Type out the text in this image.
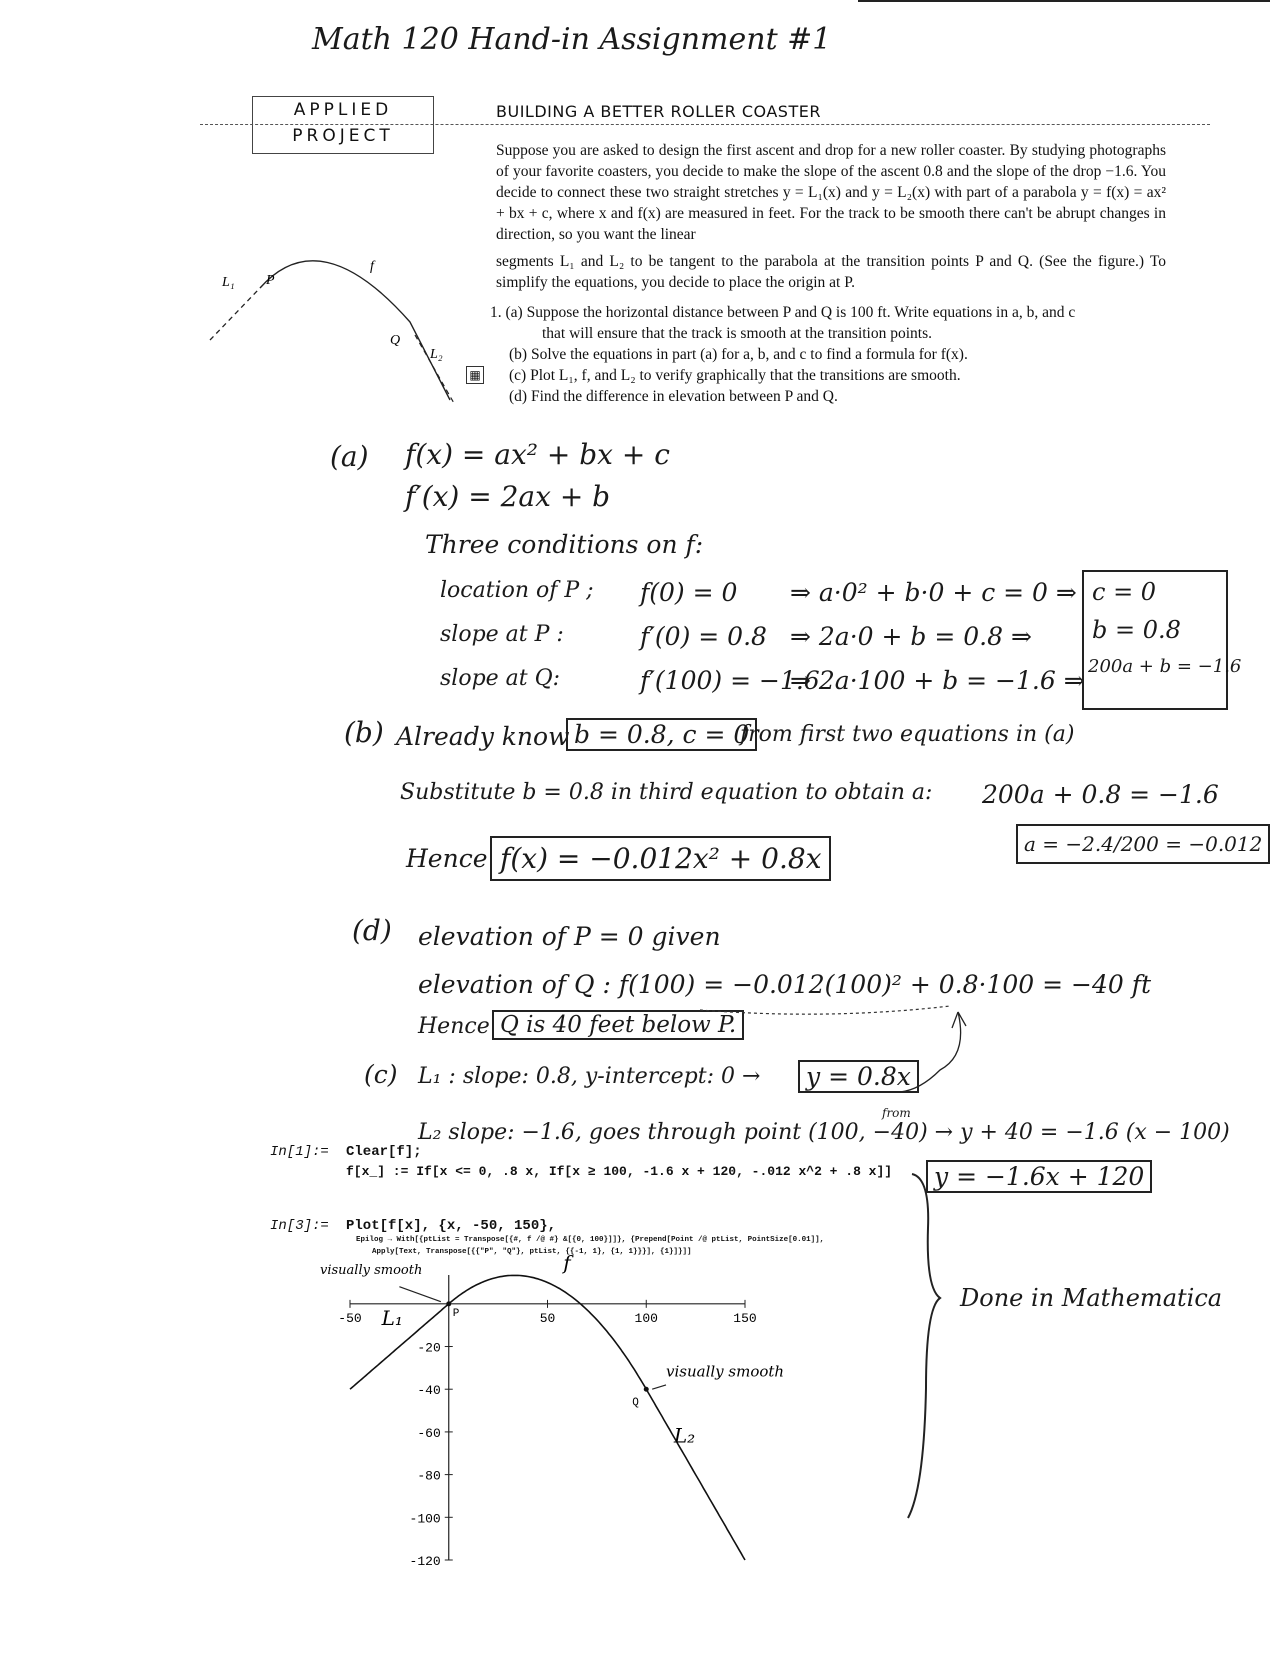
Math 120 Hand-in Assignment #1
APPLIED
PROJECT
BUILDING A BETTER ROLLER COASTER

Suppose you are asked to design the first ascent and drop for a new roller coaster. By studying photographs of your favorite coasters, you decide to make the slope of the ascent 0.8 and the slope of the drop −1.6. You decide to connect these two straight stretches y = L₁(x) and y = L₂(x) with part of a parabola y = f(x) = ax² + bx + c, where x and f(x) are measured in feet. For the track to be smooth there can't be abrupt changes in direction, so you want the linear

segments L₁ and L₂ to be tangent to the parabola at the transition points P and Q. (See the figure.) To simplify the equations, you decide to place the origin at P.

L₁ P
f
Q
L₂
▦
1. (a) Suppose the horizontal distance between P and Q is 100 ft. Write equations in a, b, and c
that will ensure that the track is smooth at the transition points.
(b) Solve the equations in part (a) for a, b, and c to find a formula for f(x).
(c) Plot L₁, f, and L₂ to verify graphically that the transitions are smooth.
(d) Find the difference in elevation between P and Q.
(a) f(x) = ax² + bx + c
f′(x) = 2ax + b
Three conditions on f:
location of P ; f(0) = 0 ⇒ a·0² + b·0 + c = 0 ⇒
slope at P :	f′(0) = 0.8 ⇒ 2a·0 + b = 0.8 ⇒
slope at Q:	f′(100) = −1.6
⇒ 2a·100 + b = −1.6 ⇒
c = 0
b = 0.8
200a + b = −1.6
(b) Already know b = 0.8, c = 0
from first two equations in (a)
Substitute b = 0.8 in third equation to obtain a: 200a + 0.8 = −1.6
a = −2.4/200 = −0.012
Hence f(x) = −0.012x² + 0.8x
(d) elevation of P = 0 given
elevation of Q : f(100) = −0.012(100)² + 0.8·100 = −40 ft
Hence Q is 40 feet below P.
(c) L₁ : slope: 0.8, y-intercept: 0 →	y = 0.8x
L₂ slope: −1.6, goes through point (100, −40) → y + 40 = −1.6 (x − 100)
from
y = −1.6x + 120
In[1]:= Clear[f];
f[x_] := If[x <= 0, .8 x, If[x ≥ 100, -1.6 x + 120, -.012 x^2 + .8 x]]
In[3]:= Plot[f[x], {x, -50, 150},
Epilog → With[{ptList = Transpose[{#, f /@ #} &[{0, 100}]]}, {Prepend[Point /@ ptList, PointSize[0.01]],
Apply[Text, Transpose[{{"P", "Q"}, ptList, {{-1, 1}, {1, 1}}}], {1}]}]]
Done in Mathematica
-50	50	100	150
-20
-40
-60
-80
-100
-120
P
Q
f
L₁
L₂
visually smooth
visually smooth
